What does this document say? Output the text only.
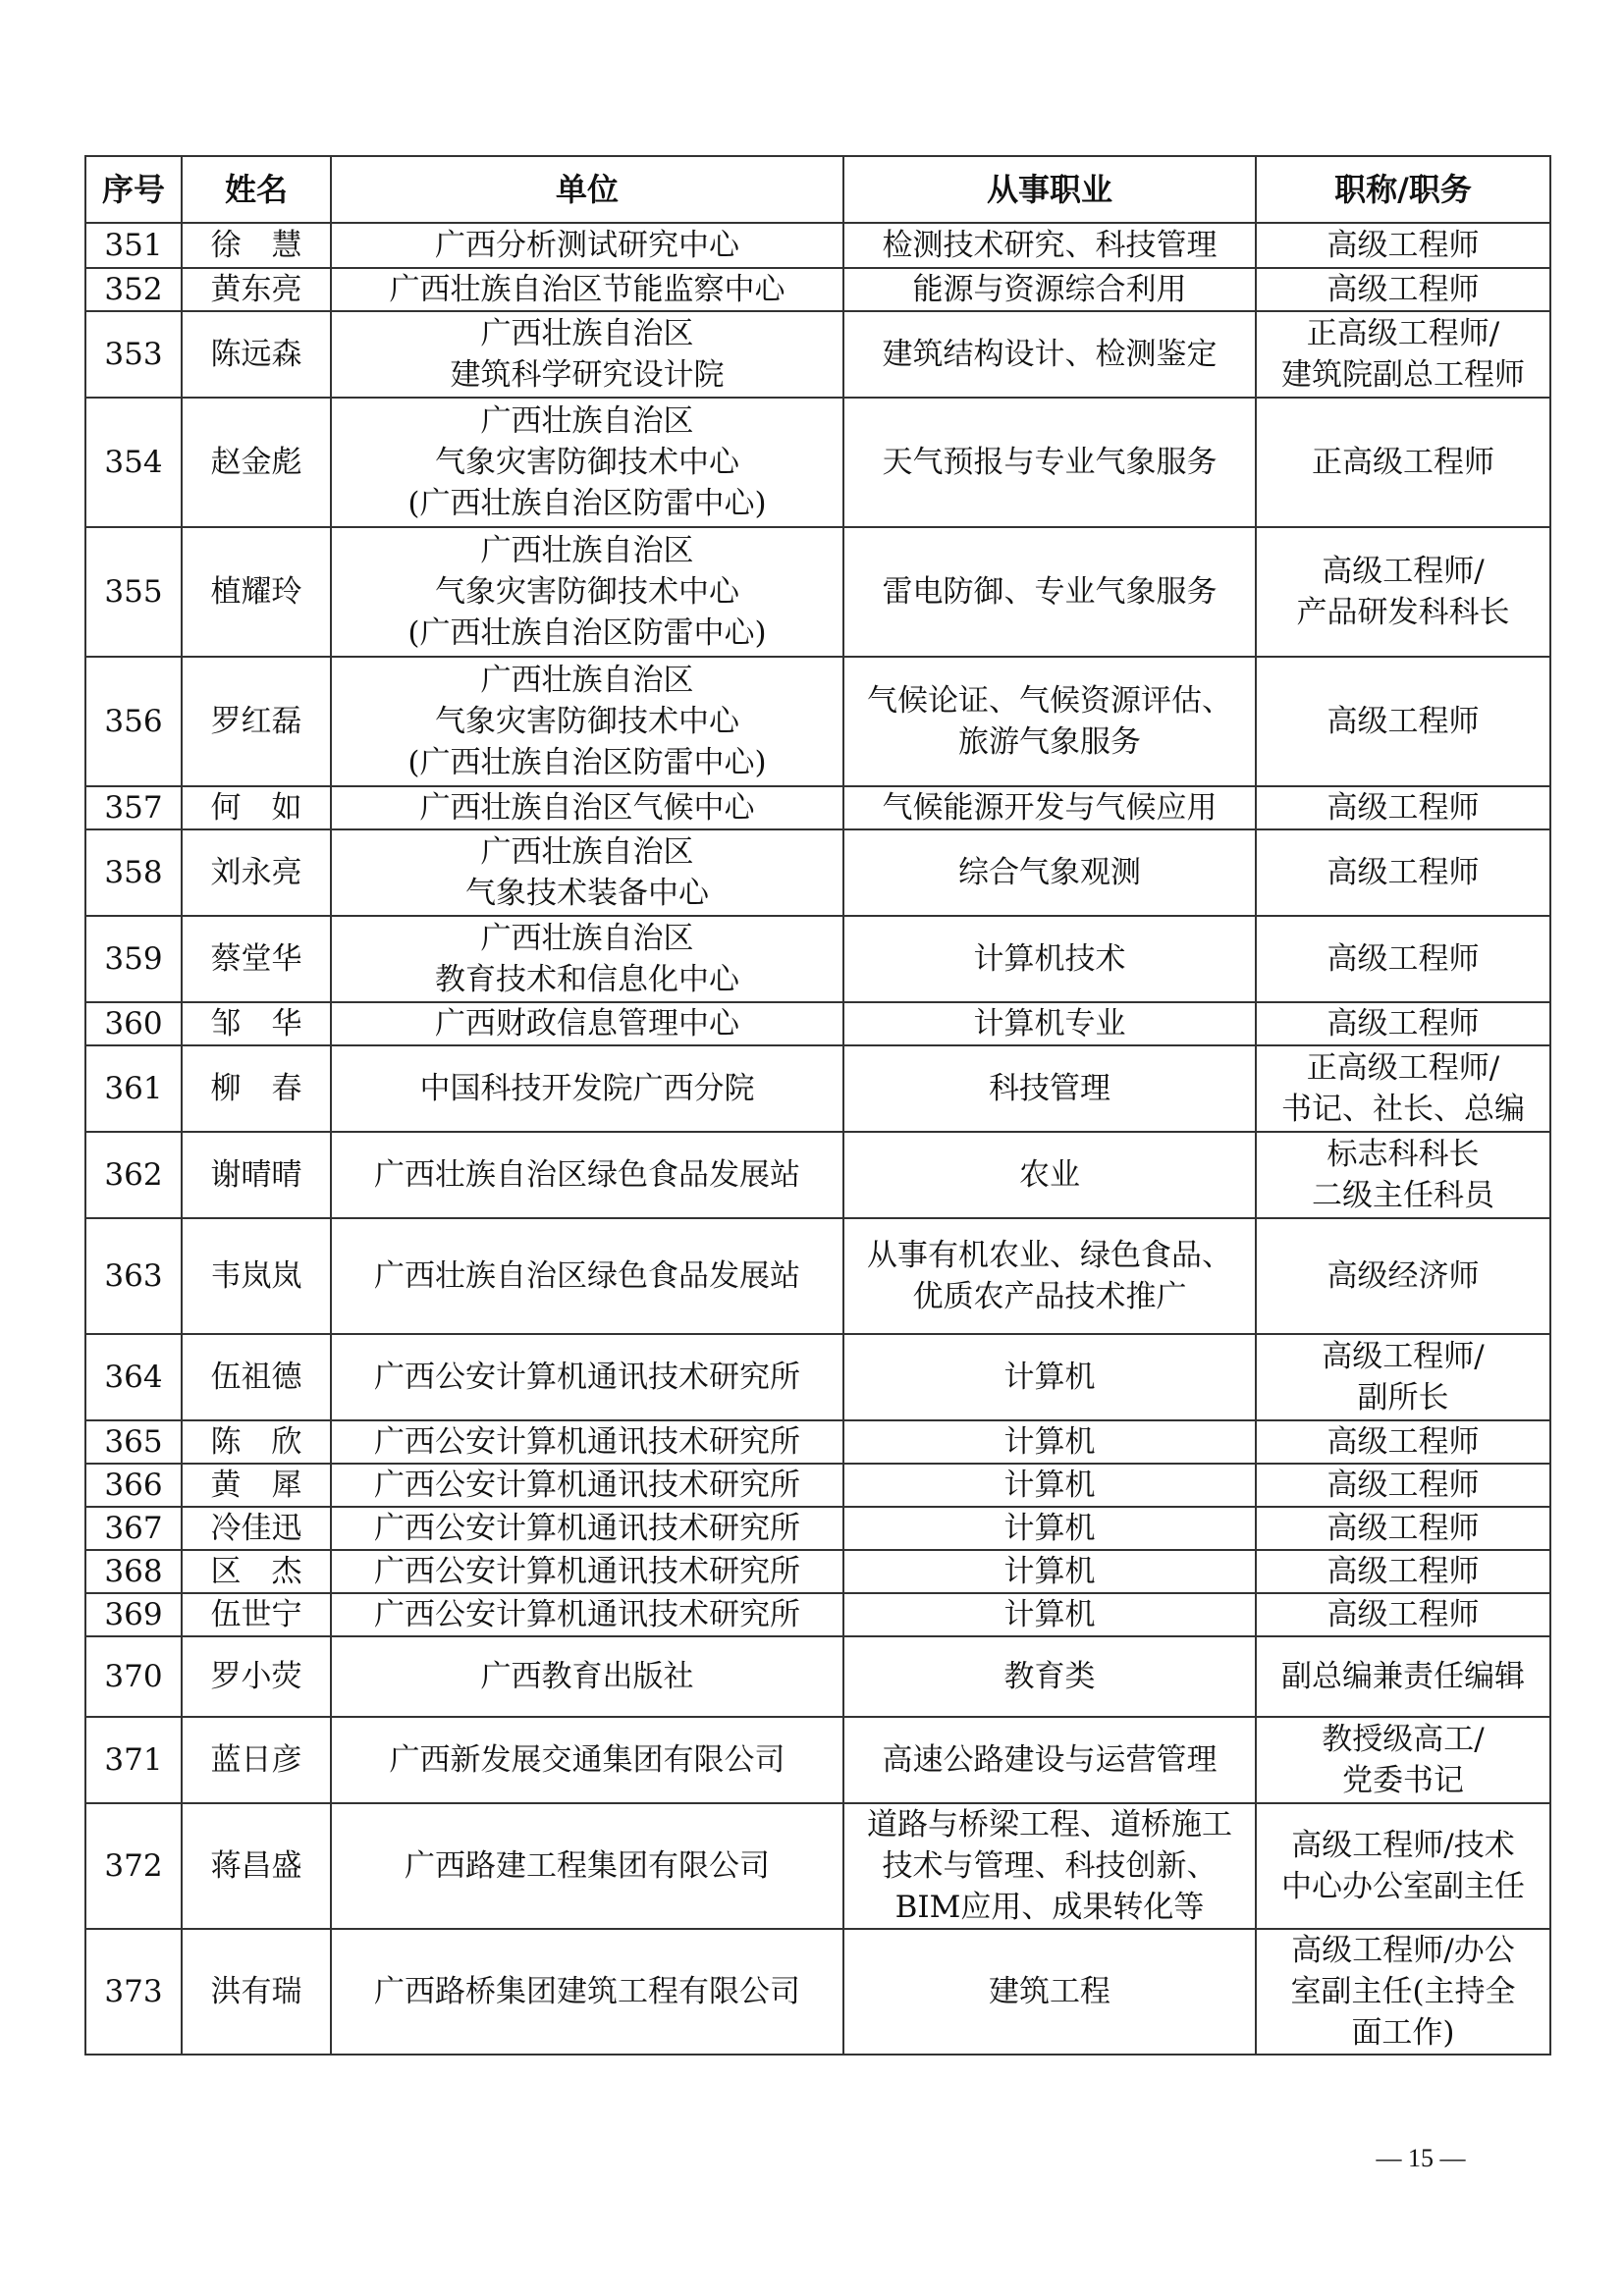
序号	姓名	单位	从事职业	职称/职务
351	徐　慧	广西分析测试研究中心	检测技术研究、科技管理	高级工程师

352	黄东亮	广西壮族自治区节能监察中心	能源与资源综合利用	高级工程师

353	陈远森	广西壮族自治区
建筑科学研究设计院	建筑结构设计、检测鉴定	正高级工程师/
建筑院副总工程师

354	赵金彪	广西壮族自治区
气象灾害防御技术中心
(广西壮族自治区防雷中心)	天气预报与专业气象服务	正高级工程师

355	植耀玲	广西壮族自治区
气象灾害防御技术中心
(广西壮族自治区防雷中心)	雷电防御、专业气象服务	高级工程师/
产品研发科科长

356	罗红磊	广西壮族自治区
气象灾害防御技术中心
(广西壮族自治区防雷中心)	气候论证、气候资源评估、
旅游气象服务	高级工程师

357	何　如	广西壮族自治区气候中心	气候能源开发与气候应用	高级工程师

358	刘永亮	广西壮族自治区
气象技术装备中心	综合气象观测	高级工程师

359	蔡堂华	广西壮族自治区
教育技术和信息化中心	计算机技术	高级工程师

360	邹　华	广西财政信息管理中心	计算机专业	高级工程师

361	柳　春	中国科技开发院广西分院	科技管理	正高级工程师/
书记、社长、总编

362	谢晴晴	广西壮族自治区绿色食品发展站	农业	标志科科长
二级主任科员

363	韦岚岚	广西壮族自治区绿色食品发展站	从事有机农业、绿色食品、
优质农产品技术推广	高级经济师

364	伍祖德	广西公安计算机通讯技术研究所	计算机	高级工程师/
副所长

365	陈　欣	广西公安计算机通讯技术研究所	计算机	高级工程师

366	黄　犀	广西公安计算机通讯技术研究所	计算机	高级工程师

367	冷佳迅	广西公安计算机通讯技术研究所	计算机	高级工程师

368	区　杰	广西公安计算机通讯技术研究所	计算机	高级工程师

369	伍世宁	广西公安计算机通讯技术研究所	计算机	高级工程师

370	罗小荧	广西教育出版社	教育类	副总编兼责任编辑

371	蓝日彦	广西新发展交通集团有限公司	高速公路建设与运营管理	教授级高工/
党委书记

372	蒋昌盛	广西路建工程集团有限公司	道路与桥梁工程、道桥施工
技术与管理、科技创新、
BIM应用、成果转化等	高级工程师/技术
中心办公室副主任

373	洪有瑞	广西路桥集团建筑工程有限公司	建筑工程	高级工程师/办公
室副主任(主持全
面工作)
— 15 —
